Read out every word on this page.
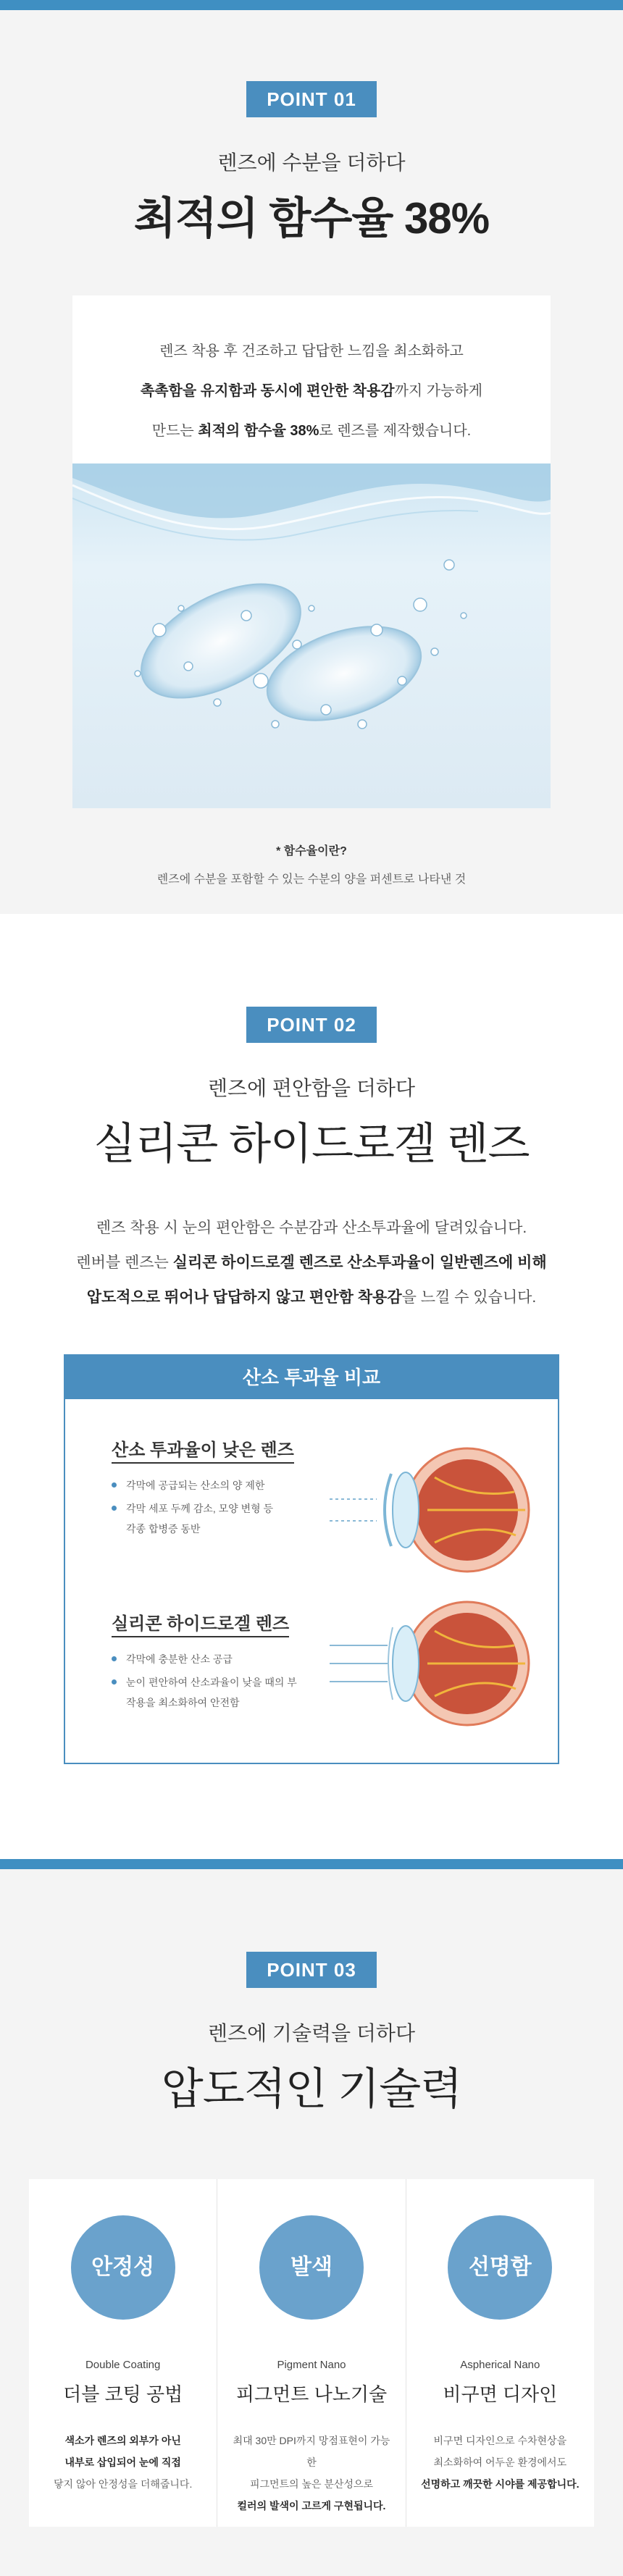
POINT 01
렌즈에 수분을 더하다
최적의 함수율 38%
렌즈 착용 후 건조하고 답답한 느낌을 최소화하고
촉촉함을 유지함과 동시에 편안한 착용감까지 가능하게
만드는 최적의 함수율 38%로 렌즈를 제작했습니다.
* 함수율이란?
렌즈에 수분을 포함할 수 있는 수분의 양을 퍼센트로 나타낸 것
POINT 02
렌즈에 편안함을 더하다
실리콘 하이드로겔 렌즈
렌즈 착용 시 눈의 편안함은 수분감과 산소투과율에 달려있습니다.
렌버블 렌즈는 실리콘 하이드로겔 렌즈로 산소투과율이 일반렌즈에 비해
압도적으로 뛰어나 답답하지 않고 편안함 착용감을 느낄 수 있습니다.
산소 투과율 비교
산소 투과율이 낮은 렌즈
각막에 공급되는 산소의 양 제한
각막 세포 두께 감소, 모양 변형 등 각종 합병증 동반
실리콘 하이드로겔 렌즈
각막에 충분한 산소 공급
눈이 편안하여 산소과율이 낮을 때의 부작용을 최소화하여 안전함
POINT 03
렌즈에 기술력을 더하다
압도적인 기술력
안정성
Double Coating
더블 코팅 공법
색소가 렌즈의 외부가 아닌
내부로 삽입되어 눈에 직접
닿지 않아 안정성을 더해줍니다.
발색
Pigment Nano
피그먼트 나노기술
최대 30만 DPI까지 망점표현이 가능한
피그먼트의 높은 분산성으로
컬러의 발색이 고르게 구현됩니다.
선명함
Aspherical Nano
비구면 디자인
비구면 디자인으로 수차현상을
최소화하여 어두운 환경에서도
선명하고 깨끗한 시야를 제공합니다.
